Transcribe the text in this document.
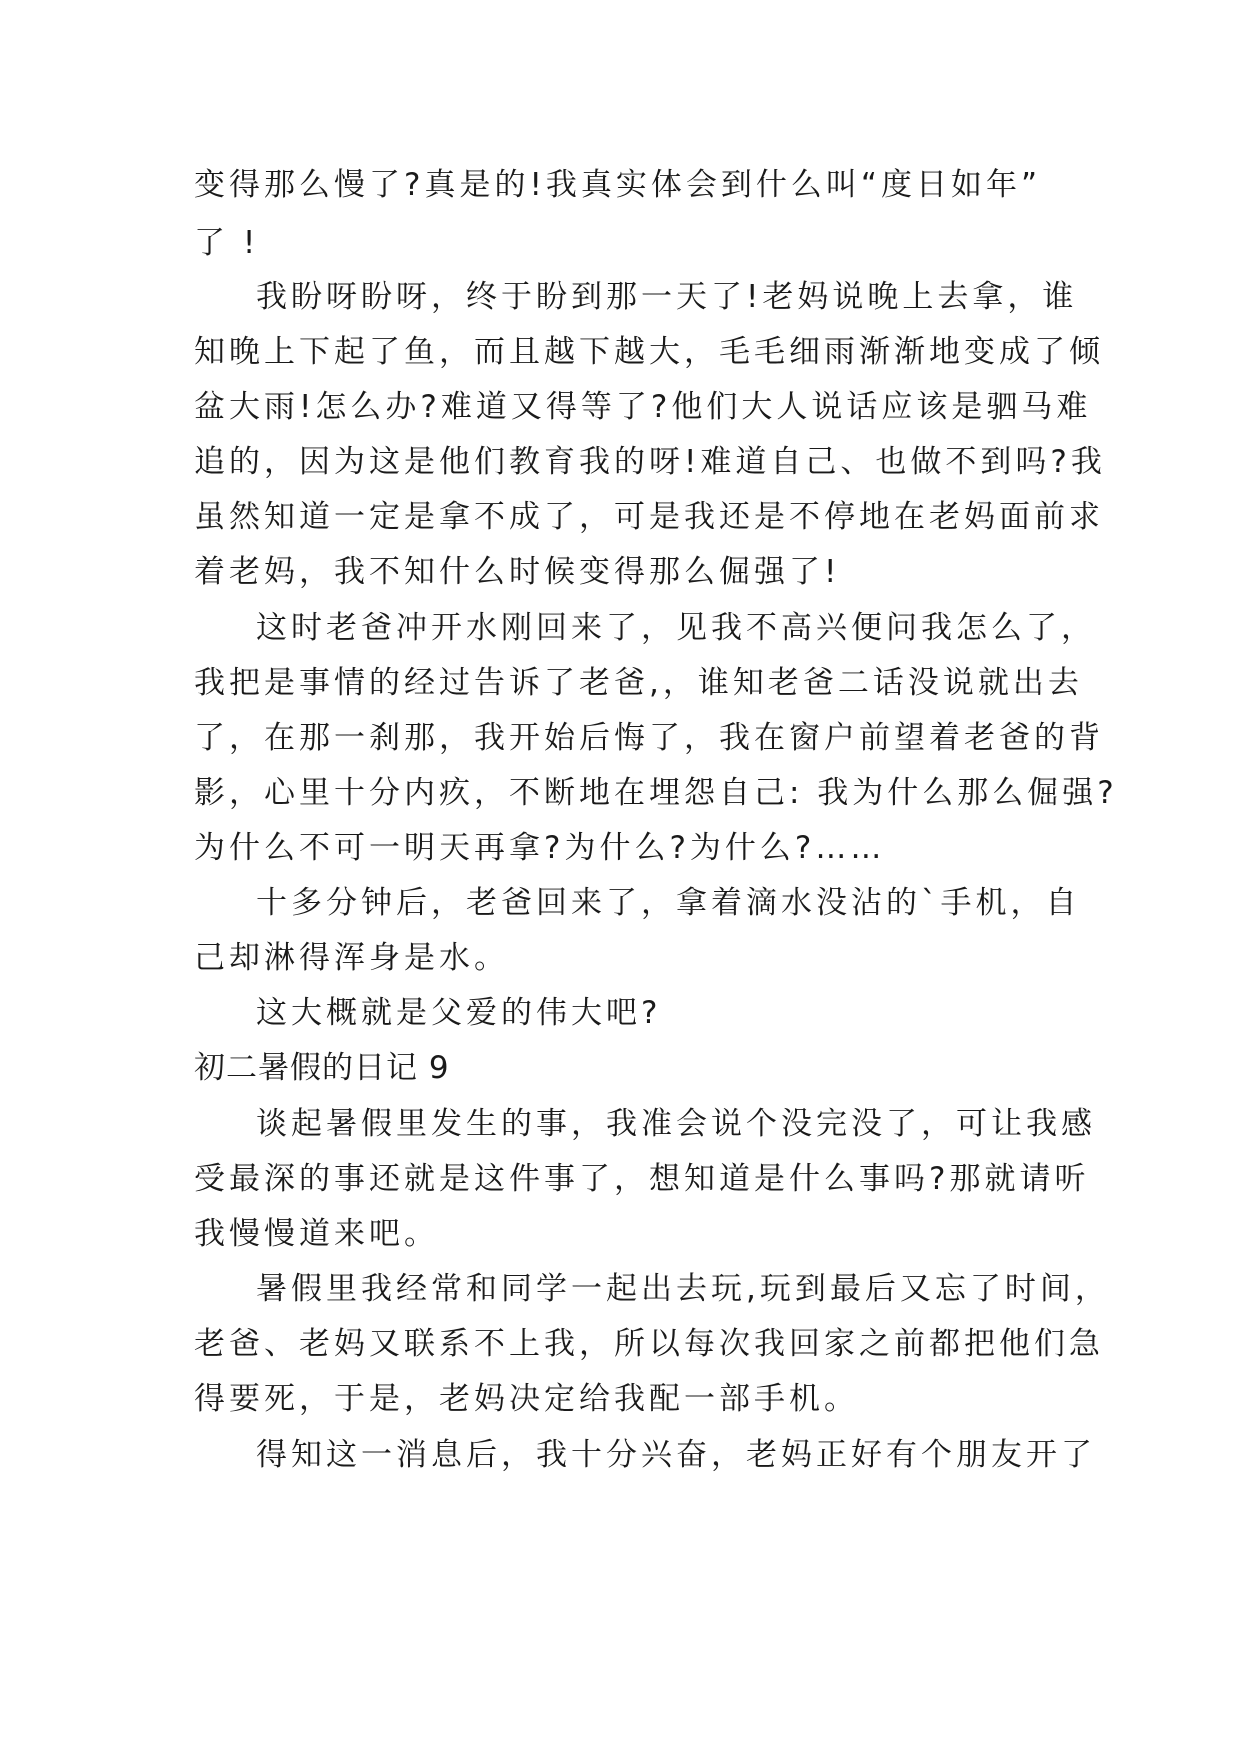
变得那么慢了?真是的!我真实体会到什么叫“度日如年”
了 !
我盼呀盼呀，终于盼到那一天了!老妈说晚上去拿，谁
知晚上下起了鱼，而且越下越大，毛毛细雨渐渐地变成了倾
盆大雨!怎么办?难道又得等了?他们大人说话应该是驷马难
追的，因为这是他们教育我的呀!难道自己、也做不到吗?我
虽然知道一定是拿不成了，可是我还是不停地在老妈面前求
着老妈，我不知什么时候变得那么倔强了!
这时老爸冲开水刚回来了，见我不高兴便问我怎么了，
我把是事情的经过告诉了老爸,，谁知老爸二话没说就出去
了，在那一刹那，我开始后悔了，我在窗户前望着老爸的背
影，心里十分内疚，不断地在埋怨自己: 我为什么那么倔强?
为什么不可一明天再拿?为什么?为什么?……
十多分钟后，老爸回来了，拿着滴水没沾的`手机，自
己却淋得浑身是水。
这大概就是父爱的伟大吧?
初二暑假的日记 9
谈起暑假里发生的事，我准会说个没完没了，可让我感
受最深的事还就是这件事了，想知道是什么事吗?那就请听
我慢慢道来吧。
暑假里我经常和同学一起出去玩,玩到最后又忘了时间，
老爸、老妈又联系不上我，所以每次我回家之前都把他们急
得要死，于是，老妈决定给我配一部手机。
得知这一消息后，我十分兴奋，老妈正好有个朋友开了
